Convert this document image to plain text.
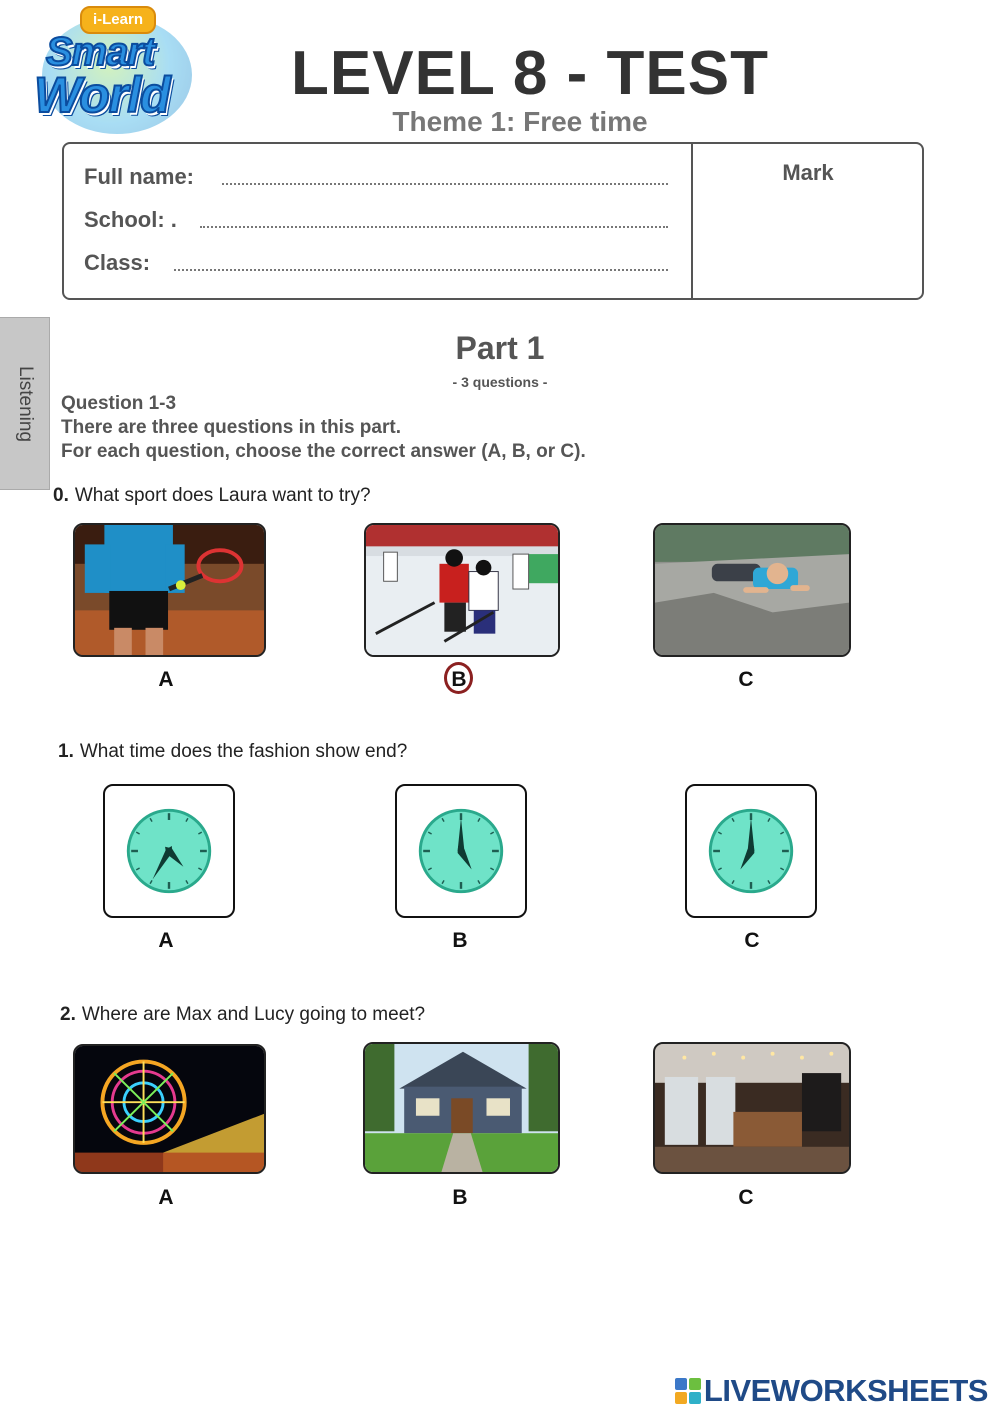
i-Learn
Smart
World	LEVEL 8 - TEST
Theme 1: Free time
Full name:
School: .
Class:
Mark
Listening
Part 1
- 3 questions -
Question 1-3
There are three questions in this part.
For each question, choose the correct answer (A, B, or C).
0. What sport does Laura want to try?
A	B	C
1. What time does the fashion show end?
A	B	C
2. Where are Max and Lucy going to meet?
A	B	C
LIVEWORKSHEETS
